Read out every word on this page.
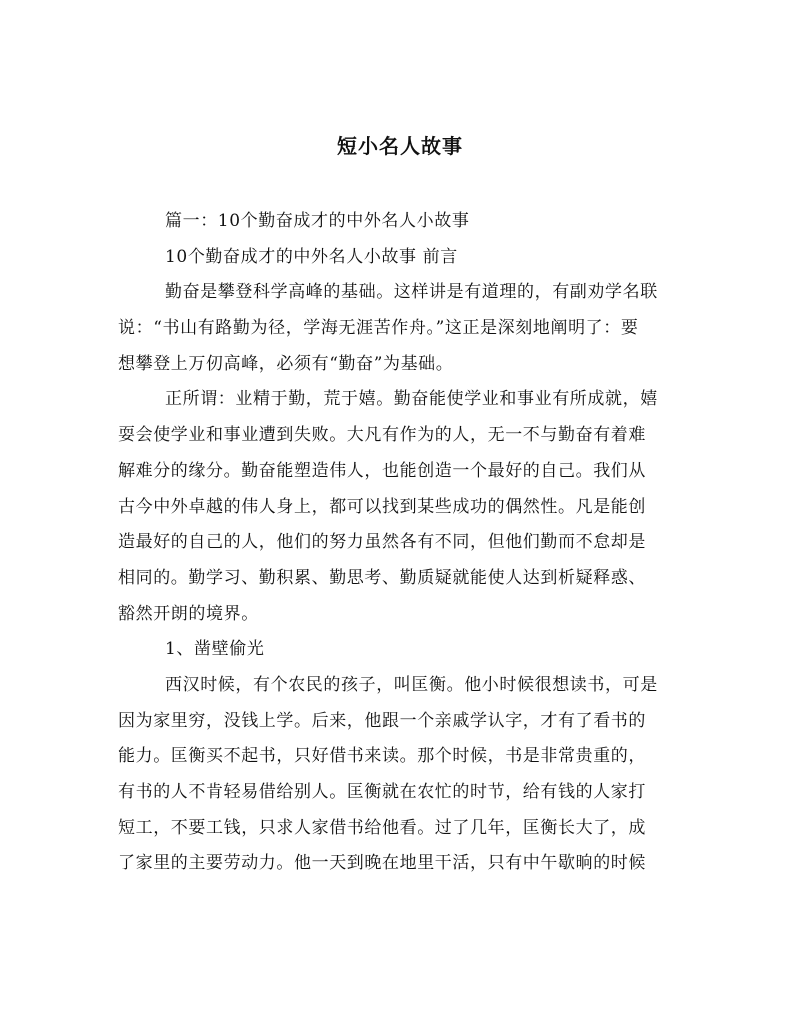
短小名人故事
篇一：10个勤奋成才的中外名人小故事
10个勤奋成才的中外名人小故事 前言
勤奋是攀登科学高峰的基础。这样讲是有道理的，有副劝学名联
说：“书山有路勤为径，学海无涯苦作舟。”这正是深刻地阐明了：要
想攀登上万仞高峰，必须有“勤奋”为基础。
正所谓：业精于勤，荒于嬉。勤奋能使学业和事业有所成就，嬉
耍会使学业和事业遭到失败。大凡有作为的人，无一不与勤奋有着难
解难分的缘分。勤奋能塑造伟人，也能创造一个最好的自己。我们从
古今中外卓越的伟人身上，都可以找到某些成功的偶然性。凡是能创
造最好的自己的人，他们的努力虽然各有不同，但他们勤而不怠却是
相同的。勤学习、勤积累、勤思考、勤质疑就能使人达到析疑释惑、
豁然开朗的境界。
1、凿壁偷光
西汉时候，有个农民的孩子，叫匡衡。他小时候很想读书，可是
因为家里穷，没钱上学。后来，他跟一个亲戚学认字，才有了看书的
能力。匡衡买不起书，只好借书来读。那个时候，书是非常贵重的，
有书的人不肯轻易借给别人。匡衡就在农忙的时节，给有钱的人家打
短工，不要工钱，只求人家借书给他看。过了几年，匡衡长大了，成
了家里的主要劳动力。他一天到晚在地里干活，只有中午歇晌的时候
